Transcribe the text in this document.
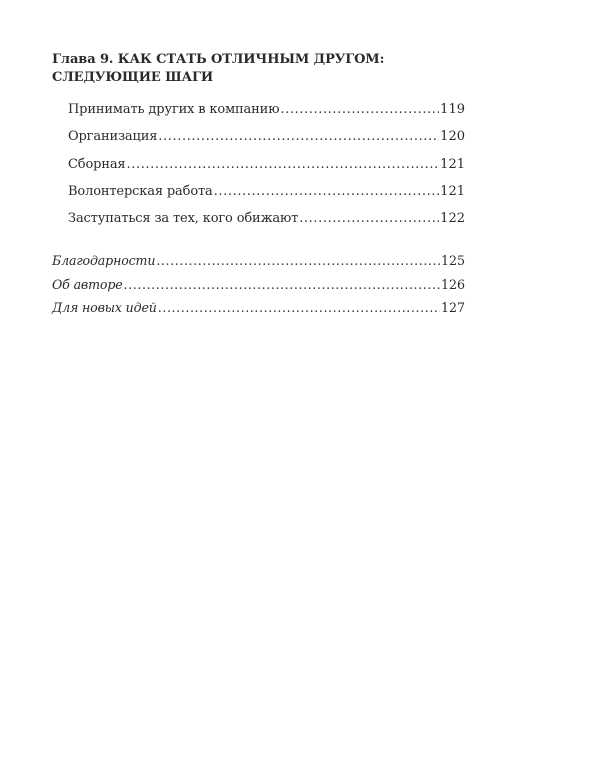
Глава 9. КАК СТАТЬ ОТЛИЧНЫМ ДРУГОМ:
СЛЕДУЮЩИЕ ШАГИ
Принимать других в компанию .....	119
Организация .....	120
Сборная .....	121
Волонтерская работа .....	121
Заступаться за тех, кого обижают .....	122
Благодарности .....	125
Об авторе .....	126
Для новых идей .....	127
